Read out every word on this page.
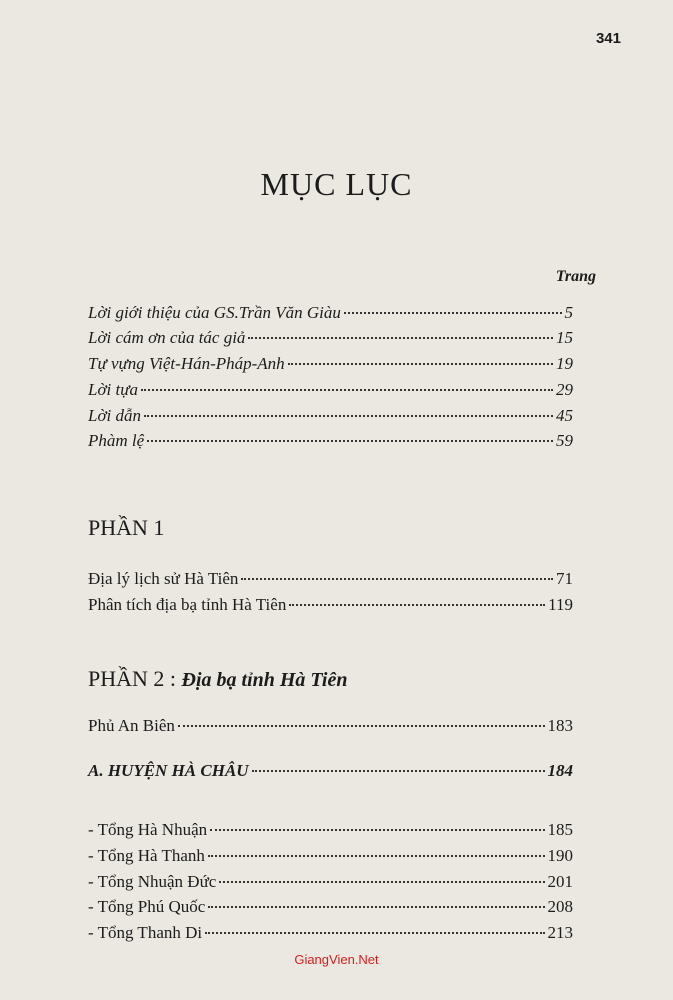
341
MỤC LỤC
Trang
Lời giới thiệu của GS.Trần Văn Giàu	5
Lời cám ơn của tác giả	15
Tự vựng Việt-Hán-Pháp-Anh	19
Lời tựa	29
Lời dẫn	45
Phàm lệ	59
PHẦN 1
Địa lý lịch sử Hà Tiên	71
Phân tích địa bạ tỉnh Hà Tiên	119
PHẦN 2 : Địa bạ tỉnh Hà Tiên
Phủ An Biên	183
A. HUYỆN HÀ CHÂU	184
- Tổng Hà Nhuận	185
- Tổng Hà Thanh	190
- Tổng Nhuận Đức	201
- Tổng Phú Quốc	208
- Tổng Thanh Di	213
GiangVien.Net
